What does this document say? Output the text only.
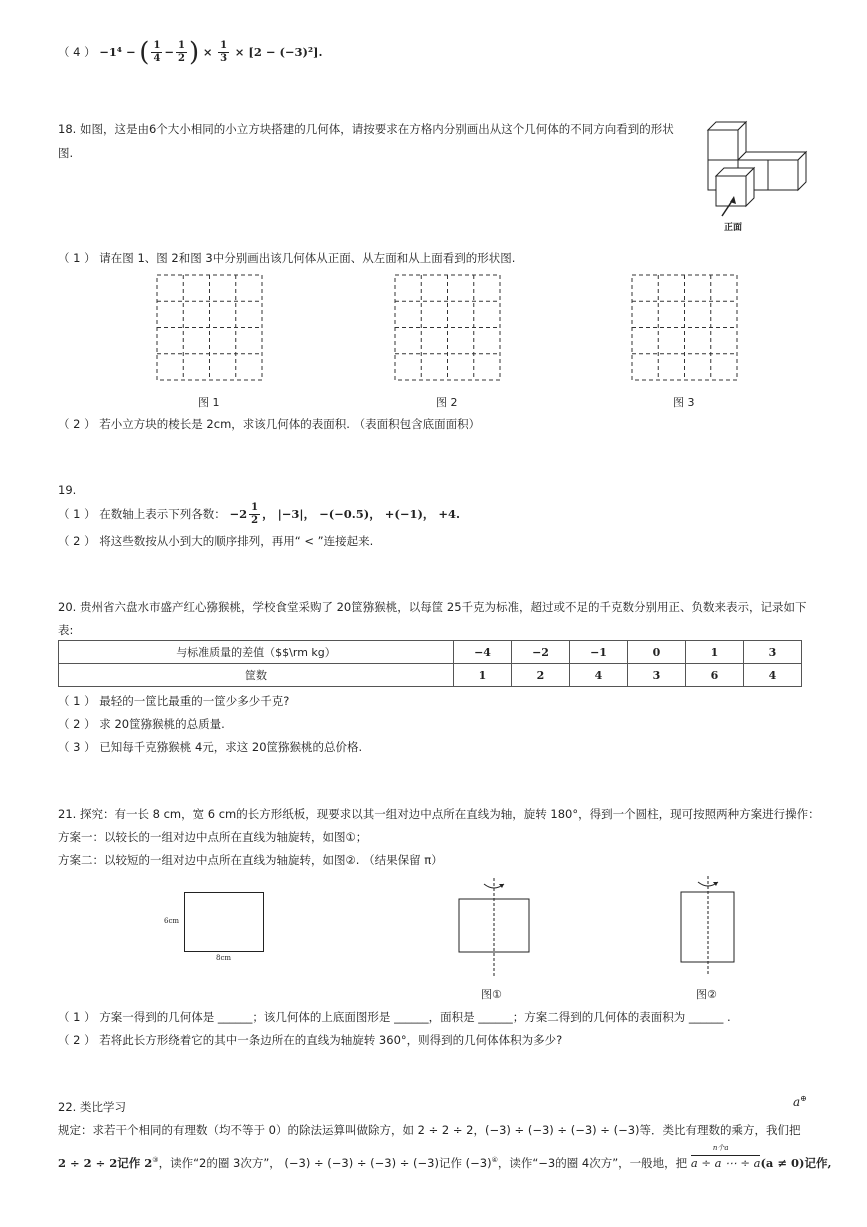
（ 4 ） −1⁴ − ( $\frac{1}{4} - \frac{1}{2}$ ) × $\frac{1}{3} \times [2 - (-3)^2]$.
18. 如图，这是由6个大小相同的小立方块搭建的几何体，请按要求在方格内分别画出从这个几何体的不同方向看到的形状
图.
正面
（ 1 ） 请在图 1、图 2和图 3中分别画出该几何体从正面、从左面和从上面看到的形状图.
图 1	图 2	图 3
（ 2 ） 若小立方块的棱长是 2cm，求该几何体的表面积. （表面积包含底面面积）
19.
（ 1 ） 在数轴上表示下列各数： $-2 \frac{1}{2}$ ， |−3|， −(−0.5)， +(−1)， +4.
（ 2 ） 将这些数按从小到大的顺序排列，再用“ < ”连接起来.
20. 贵州省六盘水市盛产红心猕猴桃，学校食堂采购了 20筐猕猴桃，以每筐 25千克为标准，超过或不足的千克数分别用正、负数来表示，记录如下
表:
与标准质量的差值（$$\rm kg）	−4	−2	−1	0	1	3
筐数	1	2	4	3	6	4
（ 1 ） 最轻的一筐比最重的一筐少多少千克?
（ 2 ） 求 20筐猕猴桃的总质量.
（ 3 ） 已知每千克猕猴桃 4元，求这 20筐猕猴桃的总价格.
21. 探究：有一长 8 cm，宽 6 cm的长方形纸板，现要求以其一组对边中点所在直线为轴，旋转 180°，得到一个圆柱，现可按照两种方案进行操作：
方案一：以较长的一组对边中点所在直线为轴旋转，如图①；
方案二：以较短的一组对边中点所在直线为轴旋转，如图②. （结果保留 π）
6cm
8cm
图①	图②
（ 1 ） 方案一得到的几何体是 ______；该几何体的上底面图形是 ______，面积是 ______；方案二得到的几何体的表面积为 ______ .
（ 2 ） 若将此长方形绕着它的其中一条边所在的直线为轴旋转 360°，则得到的几何体体积为多少?
22. 类比学习	a⊕
规定：求若干个相同的有理数（均不等于 0）的除法运算叫做除方，如 2 ÷ 2 ÷ 2，(−3) ÷ (−3) ÷ (−3) ÷ (−3)等．类比有理数的乘方，我们把
2 ÷ 2 ÷ 2记作 2③，读作“2的圈 3次方”， (−3) ÷ (−3) ÷ (−3) ÷ (−3)记作 (−3)④，读作“−3的圈 4次方”，一般地，把
n个a
a ÷ a ⋯ ÷ a(a ≠ 0)记作,
